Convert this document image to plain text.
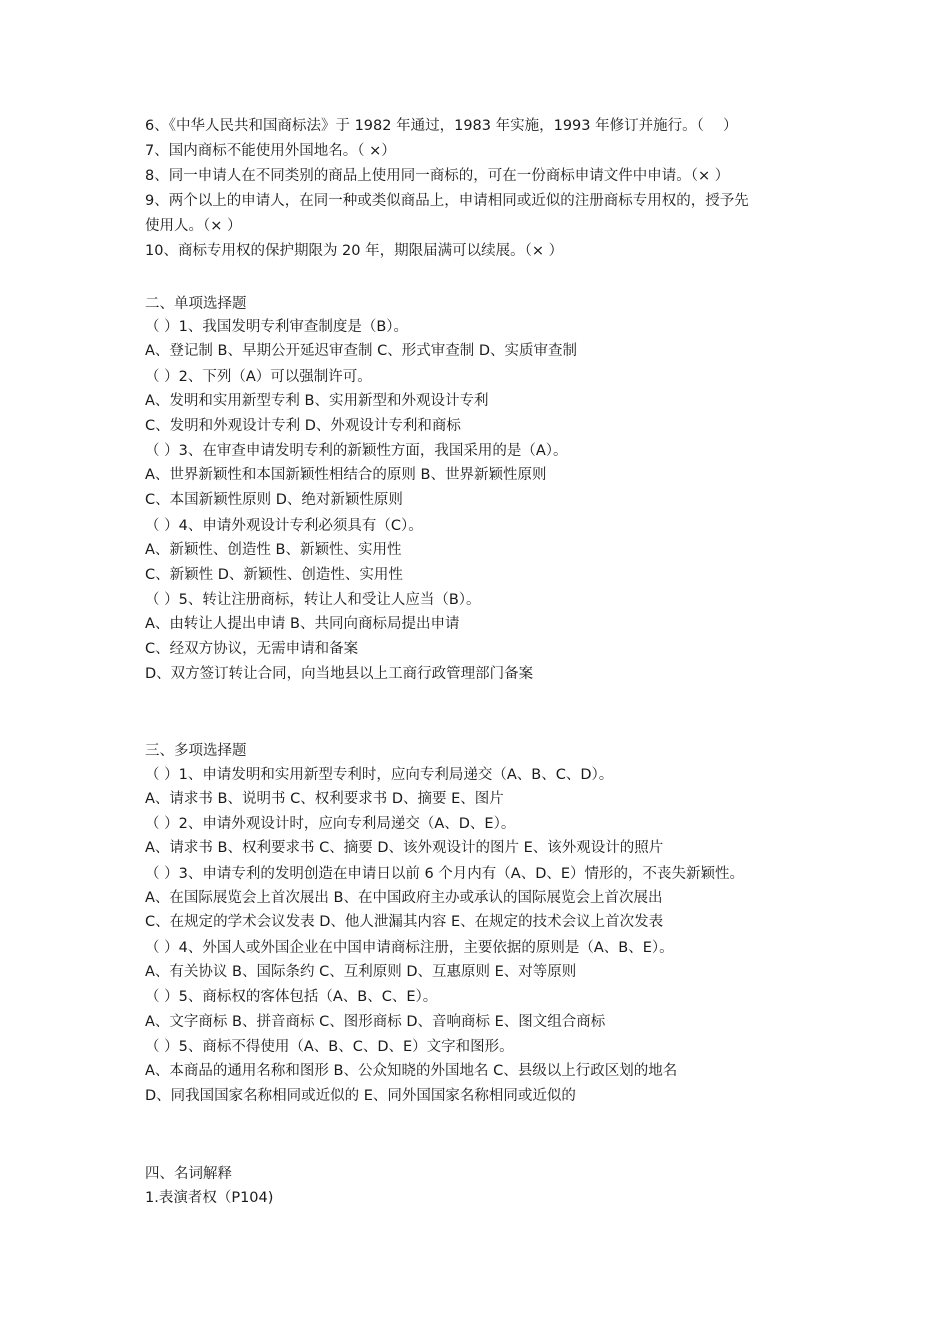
6、《中华人民共和国商标法》于 1982 年通过，1983 年实施，1993 年修订并施行。（　 ）
7、国内商标不能使用外国地名。（ ×）
8、同一申请人在不同类别的商品上使用同一商标的，可在一份商标申请文件中申请。（× ）
9、两个以上的申请人，在同一种或类似商品上，申请相同或近似的注册商标专用权的，授予先
使用人。（× ）
10、商标专用权的保护期限为 20 年，期限届满可以续展。（× ）
二、单项选择题
（ ）1、我国发明专利审查制度是（B）。
A、登记制 B、早期公开延迟审查制 C、形式审查制 D、实质审查制
（ ）2、下列（A）可以强制许可。
A、发明和实用新型专利 B、实用新型和外观设计专利
C、发明和外观设计专利 D、外观设计专利和商标
（ ）3、在审查申请发明专利的新颖性方面，我国采用的是（A）。
A、世界新颖性和本国新颖性相结合的原则 B、世界新颖性原则
C、本国新颖性原则 D、绝对新颖性原则
（ ）4、申请外观设计专利必须具有（C）。
A、新颖性、创造性 B、新颖性、实用性
C、新颖性 D、新颖性、创造性、实用性
（ ）5、转让注册商标，转让人和受让人应当（B）。
A、由转让人提出申请 B、共同向商标局提出申请
C、经双方协议，无需申请和备案
D、双方签订转让合同，向当地县以上工商行政管理部门备案
三、多项选择题
（ ）1、申请发明和实用新型专利时，应向专利局递交（A、B、C、D）。
A、请求书 B、说明书 C、权利要求书 D、摘要 E、图片
（ ）2、申请外观设计时，应向专利局递交（A、D、E）。
A、请求书 B、权利要求书 C、摘要 D、该外观设计的图片 E、该外观设计的照片
（ ）3、申请专利的发明创造在申请日以前 6 个月内有（A、D、E）情形的，不丧失新颖性。
A、在国际展览会上首次展出 B、在中国政府主办或承认的国际展览会上首次展出
C、在规定的学术会议发表 D、他人泄漏其内容 E、在规定的技术会议上首次发表
（ ）4、外国人或外国企业在中国申请商标注册，主要依据的原则是（A、B、E）。
A、有关协议 B、国际条约 C、互利原则 D、互惠原则 E、对等原则
（ ）5、商标权的客体包括（A、B、C、E）。
A、文字商标 B、拼音商标 C、图形商标 D、音响商标 E、图文组合商标
（ ）5、商标不得使用（A、B、C、D、E）文字和图形。
A、本商品的通用名称和图形 B、公众知晓的外国地名 C、县级以上行政区划的地名
D、同我国国家名称相同或近似的 E、同外国国家名称相同或近似的
四、名词解释
1.表演者权（P104)
